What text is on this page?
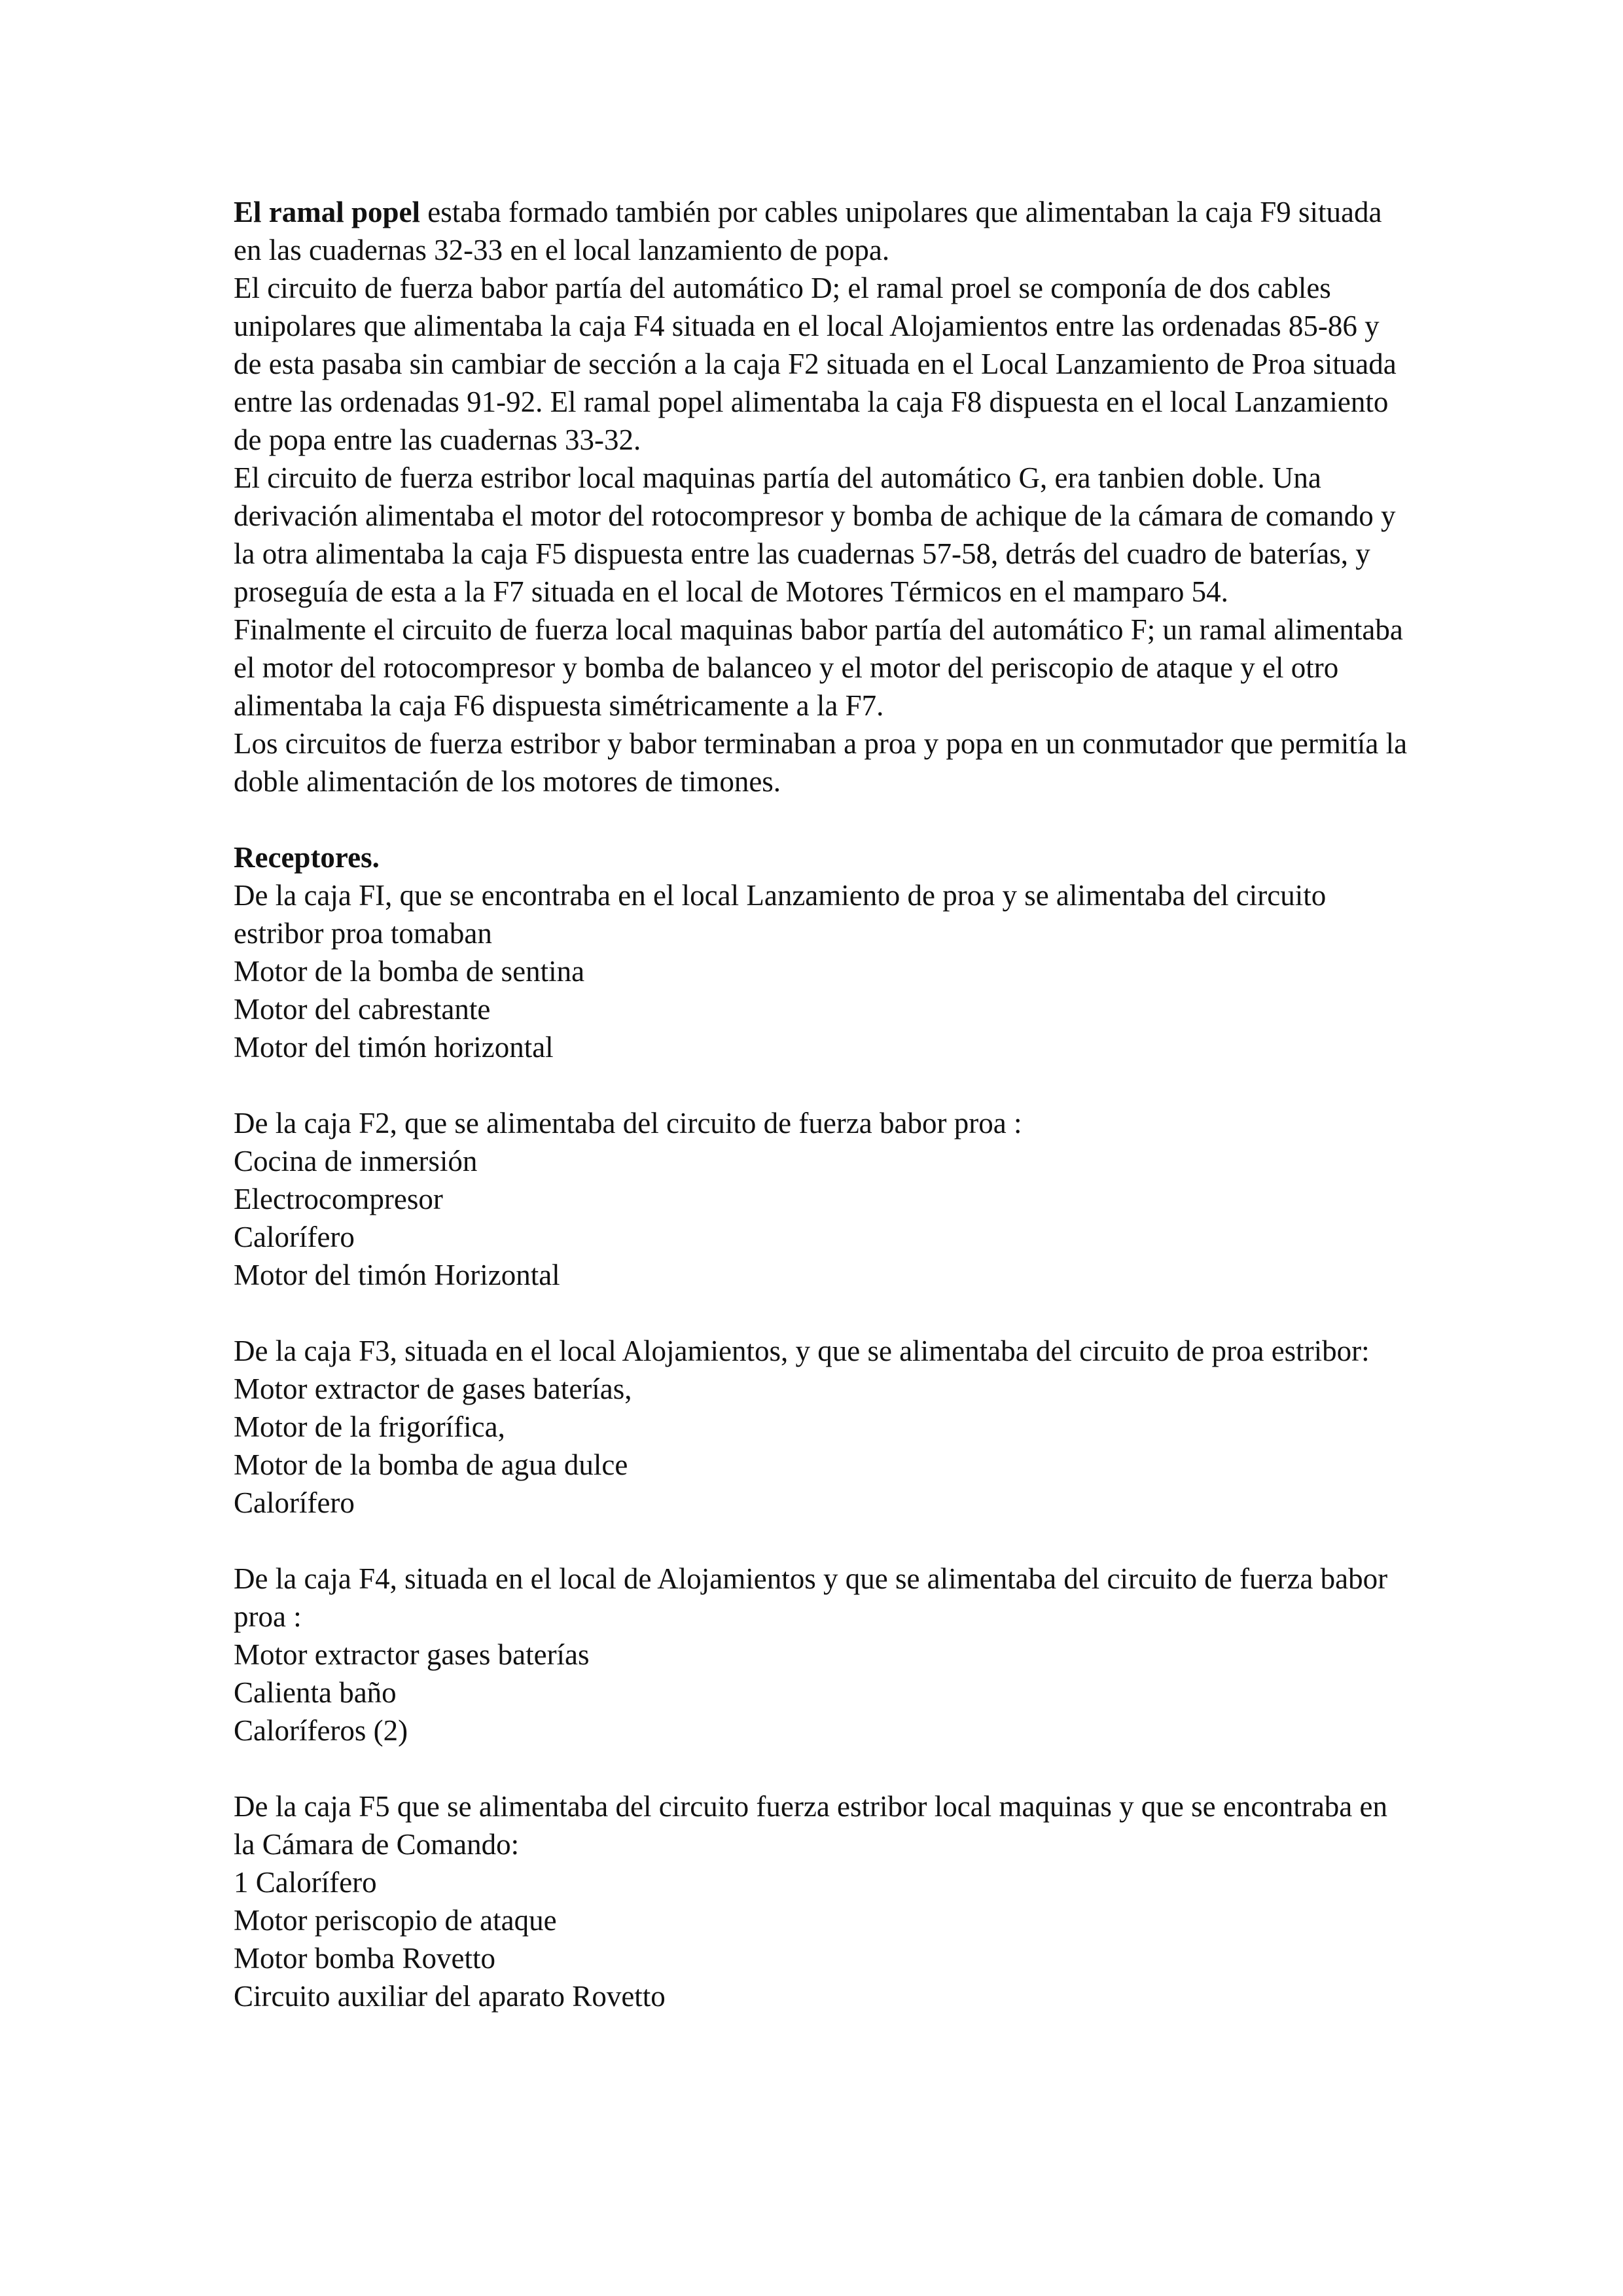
El ramal popel estaba formado también por cables unipolares que alimentaban la caja F9 situada en las cuadernas 32-33 en el local lanzamiento de popa.

El circuito de fuerza babor partía del automático D; el ramal proel se componía de dos cables unipolares que alimentaba la caja F4 situada en el local Alojamientos entre las ordenadas 85-86 y de esta pasaba sin cambiar de sección a la caja F2 situada en el Local Lanzamiento de Proa situada entre las ordenadas 91-92. El ramal popel alimentaba la caja F8 dispuesta en el local Lanzamiento de popa entre las cuadernas 33-32.

El circuito de fuerza estribor local maquinas partía del automático G, era tanbien doble. Una derivación alimentaba el motor del rotocompresor y bomba de achique de la cámara de comando y la otra alimentaba la caja F5 dispuesta entre las cuadernas 57-58, detrás del cuadro de baterías, y proseguía de esta a la F7 situada en el local de Motores Térmicos en el mamparo 54.

Finalmente el circuito de fuerza local maquinas babor partía del automático F; un ramal alimentaba el motor del rotocompresor y bomba de balanceo y el motor del periscopio de ataque y el otro alimentaba la caja F6 dispuesta simétricamente a la F7.

Los circuitos de fuerza estribor y babor terminaban a proa y popa en un conmutador que permitía la doble alimentación de los motores de timones.

Receptores.

De la caja FI, que se encontraba en el local Lanzamiento de proa y se alimentaba del circuito estribor proa tomaban

Motor de la bomba de sentina

Motor del cabrestante

Motor del timón horizontal

De la caja F2, que se alimentaba del circuito de fuerza babor proa :

Cocina de inmersión

Electrocompresor

Calorífero

Motor del timón Horizontal

De la caja F3, situada en el local Alojamientos, y que se alimentaba del circuito de proa estribor:

Motor extractor de gases baterías,

Motor de la frigorífica,

Motor de la bomba de agua dulce

Calorífero

De la caja F4, situada en el local de Alojamientos y que se alimentaba del circuito de fuerza babor proa :

Motor extractor gases baterías

Calienta baño

Caloríferos (2)

De la caja F5 que se alimentaba del circuito fuerza estribor local maquinas y que se encontraba en la Cámara de Comando:

1 Calorífero

Motor periscopio de ataque

Motor bomba Rovetto

Circuito auxiliar del aparato Rovetto
